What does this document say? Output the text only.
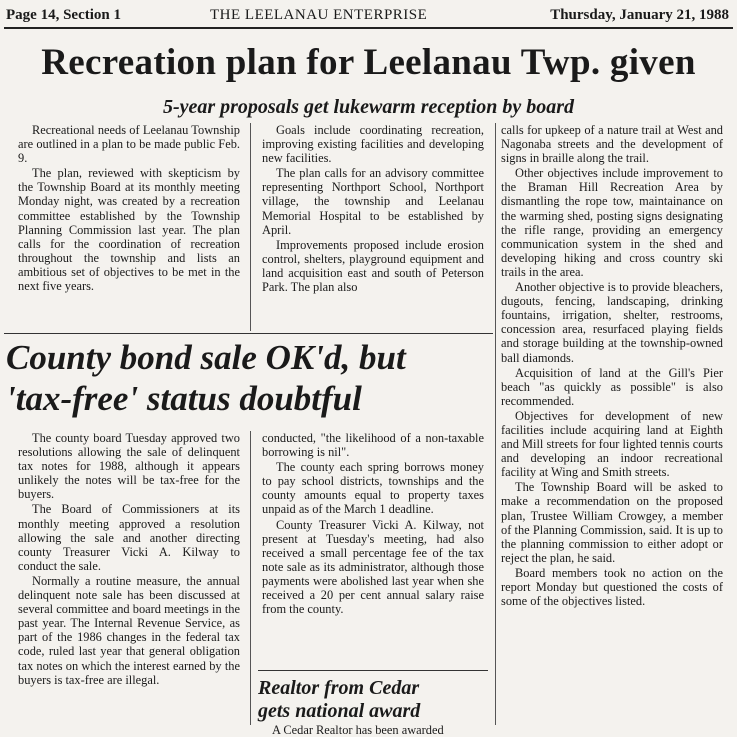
Page 14, Section 1	THE LEELANAU ENTERPRISE	Thursday, January 21, 1988
Recreation plan for Leelanau Twp. given
5-year proposals get lukewarm reception by board

Recreational needs of Leelanau Township are outlined in a plan to be made public Feb. 9.

The plan, reviewed with skepticism by the Township Board at its monthly meeting Monday night, was created by a recreation committee established by the Township Planning Commission last year. The plan calls for the coordination of recreation throughout the township and lists an ambitious set of objectives to be met in the next five years.

Goals include coordinating recreation, improving existing facilities and developing new facilities.

The plan calls for an advisory committee representing Northport School, Northport village, the township and Leelanau Memorial Hospital to be established by April.

Improvements proposed include erosion control, shelters, playground equipment and land acquisition east and south of Peterson Park. The plan also

calls for upkeep of a nature trail at West and Nagonaba streets and the development of signs in braille along the trail.

Other objectives include improvement to the Braman Hill Recreation Area by dismantling the rope tow, maintainance on the warming shed, posting signs designating the rifle range, providing an emergency communication system in the shed and developing hiking and cross country ski trails in the area.

Another objective is to provide bleachers, dugouts, fencing, landscaping, drinking fountains, irrigation, shelter, restrooms, concession area, resurfaced playing fields and storage building at the township-owned ball diamonds.

Acquisition of land at the Gill's Pier beach "as quickly as possible" is also recommended.

Objectives for development of new facilities include acquiring land at Eighth and Mill streets for four lighted tennis courts and developing an indoor recreational facility at Wing and Smith streets.

The Township Board will be asked to make a recommendation on the proposed plan, Trustee William Crowgey, a member of the Planning Commission, said. It is up to the planning commission to either adopt or reject the plan, he said.

Board members took no action on the report Monday but questioned the costs of some of the objectives listed.

County bond sale OK'd, but
'tax-free' status doubtful

The county board Tuesday approved two resolutions allowing the sale of delinquent tax notes for 1988, although it appears unlikely the notes will be tax-free for the buyers.

The Board of Commissioners at its monthly meeting approved a resolution allowing the sale and another directing county Treasurer Vicki A. Kilway to conduct the sale.

Normally a routine measure, the annual delinquent note sale has been discussed at several committee and board meetings in the past year. The Internal Revenue Service, as part of the 1986 changes in the federal tax code, ruled last year that general obligation tax notes on which the interest earned by the buyers is tax-free are illegal.

conducted, "the likelihood of a non-taxable borrowing is nil".

The county each spring borrows money to pay school districts, townships and the county amounts equal to property taxes unpaid as of the March 1 deadline.

County Treasurer Vicki A. Kilway, not present at Tuesday's meeting, had also received a small percentage fee of the tax note sale as its administrator, although those payments were abolished last year when she received a 20 per cent annual salary raise from the county.

Realtor from Cedar
gets national award

A Cedar Realtor has been awarded
